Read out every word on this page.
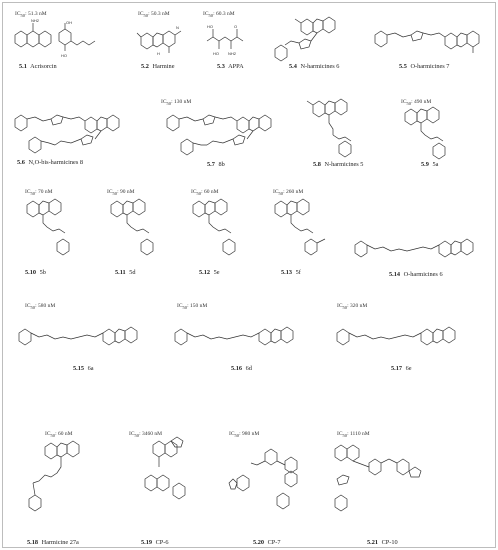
$IC_{50}$: 51.3 nM
NH2	OH
HO
5.1 Acrisorcin
$IC_{50}$: 50.3 nM
H
N
5.2 Harmine
$IC_{50}$: 60.3 nM
HO
HO
O
NH2
5.3 APPA	5.4 N-harmicines 6	5.5 O-harmicines 7
5.6 N,O-bis-harmicines 8
$IC_{50}$: 130 nM
5.7 8b	5.8 N-harmicines 5
$IC_{50}$: 490 nM
5.9 5a
$IC_{50}$: 70 nM
5.10 5b
$IC_{50}$: 90 nM
5.11 5d
$IC_{50}$: 60 nM
5.12 5e
$IC_{50}$: 260 nM
5.13 5f	5.14 O-harmicines 6
$IC_{50}$: 580 nM
5.15 6a
$IC_{50}$: 150 nM
5.16 6d
$IC_{50}$: 320 nM
5.17 6e
$IC_{50}$: 60 nM
5.18 Harmicine 27a
$IC_{50}$: 3460 nM
5.19 CP-6
$IC_{50}$: 980 nM
5.20 CP-7
$IC_{50}$: 1110 nM
5.21 CP-10
